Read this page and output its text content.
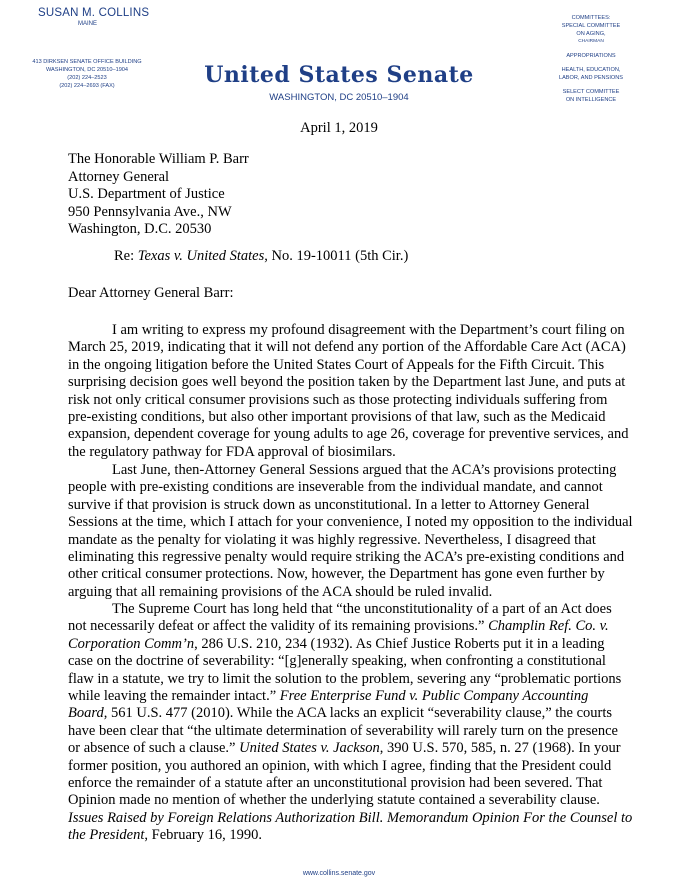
SUSAN M. COLLINS
MAINE
413 DIRKSEN SENATE OFFICE BUILDING
WASHINGTON, DC 20510–1904
(202) 224–2523
(202) 224–2693 (FAX)	United States Senate
WASHINGTON, DC 20510–1904
COMMITTEES:
SPECIAL COMMITTEE
ON AGING,
CHAIRMAN
APPROPRIATIONS
HEALTH, EDUCATION,
LABOR, AND PENSIONS
SELECT COMMITTEE
ON INTELLIGENCE
April 1, 2019
The Honorable William P. Barr
Attorney General
U.S. Department of Justice
950 Pennsylvania Ave., NW
Washington, D.C. 20530
Re: Texas v. United States, No. 19-10011 (5th Cir.)
Dear Attorney General Barr:
I am writing to express my profound disagreement with the Department’s court filing on
March 25, 2019, indicating that it will not defend any portion of the Affordable Care Act (ACA)
in the ongoing litigation before the United States Court of Appeals for the Fifth Circuit. This
surprising decision goes well beyond the position taken by the Department last June, and puts at
risk not only critical consumer provisions such as those protecting individuals suffering from
pre-existing conditions, but also other important provisions of that law, such as the Medicaid
expansion, dependent coverage for young adults to age 26, coverage for preventive services, and
the regulatory pathway for FDA approval of biosimilars.
Last June, then-Attorney General Sessions argued that the ACA’s provisions protecting
people with pre-existing conditions are inseverable from the individual mandate, and cannot
survive if that provision is struck down as unconstitutional. In a letter to Attorney General
Sessions at the time, which I attach for your convenience, I noted my opposition to the individual
mandate as the penalty for violating it was highly regressive. Nevertheless, I disagreed that
eliminating this regressive penalty would require striking the ACA’s pre-existing conditions and
other critical consumer protections. Now, however, the Department has gone even further by
arguing that all remaining provisions of the ACA should be ruled invalid.
The Supreme Court has long held that “the unconstitutionality of a part of an Act does
not necessarily defeat or affect the validity of its remaining provisions.” Champlin Ref. Co. v.
Corporation Comm’n, 286 U.S. 210, 234 (1932). As Chief Justice Roberts put it in a leading
case on the doctrine of severability: “[g]enerally speaking, when confronting a constitutional
flaw in a statute, we try to limit the solution to the problem, severing any “problematic portions
while leaving the remainder intact.” Free Enterprise Fund v. Public Company Accounting
Board, 561 U.S. 477 (2010). While the ACA lacks an explicit “severability clause,” the courts
have been clear that “the ultimate determination of severability will rarely turn on the presence
or absence of such a clause.” United States v. Jackson, 390 U.S. 570, 585, n. 27 (1968). In your
former position, you authored an opinion, with which I agree, finding that the President could
enforce the remainder of a statute after an unconstitutional provision had been severed. That
Opinion made no mention of whether the underlying statute contained a severability clause.
Issues Raised by Foreign Relations Authorization Bill. Memorandum Opinion For the Counsel to
the President, February 16, 1990.
www.collins.senate.gov
